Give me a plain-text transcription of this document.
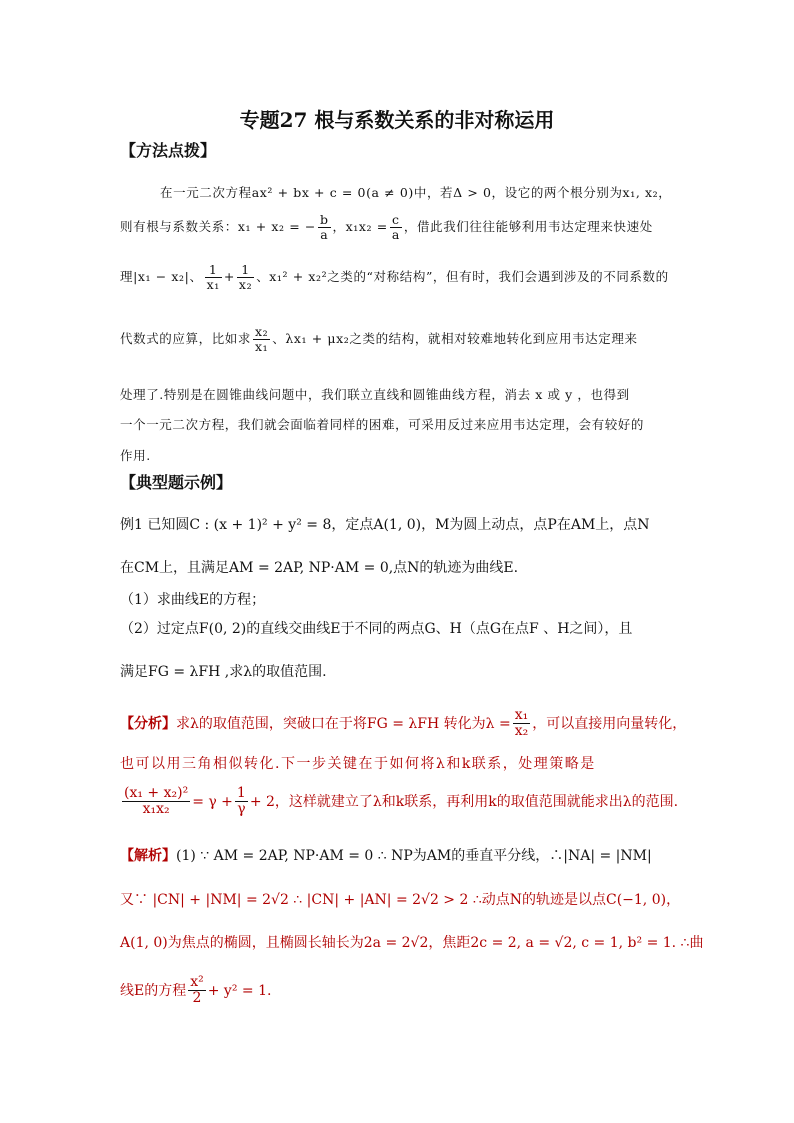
专题27 根与系数关系的非对称运用
【方法点拨】
在一元二次方程ax² + bx + c = 0(a ≠ 0)中，若Δ > 0，设它的两个根分别为x₁, x₂，
则有根与系数关系：x₁ + x₂ = − $\frac{b}{a}$ ，$x_1x_2 = \frac{c}{a}$ ，借此我们往往能够利用韦达定理来快速处
理|x₁ − x₂|、 $\frac{1}{\text{x₁}} + \frac{1}{\text{x₂}}$ 、x₁² + x₂²之类的“对称结构”，但有时，我们会遇到涉及的不同系数的
代数式的应算，比如求 $\frac{\text{x₂}}{\text{x₁}}$ 、λx₁ + μx₂之类的结构，就相对较难地转化到应用韦达定理来
处理了.特别是在圆锥曲线问题中，我们联立直线和圆锥曲线方程，消去 x 或 y ，也得到
一个一元二次方程，我们就会面临着同样的困难，可采用反过来应用韦达定理，会有较好的
作用.
【典型题示例】
例1 已知圆C : (x + 1)² + y² = 8，定点A(1, 0)，M为圆上动点，点P在AM上，点N
在CM上，且满足AM = 2AP, NP·AM = 0,点N的轨迹为曲线E.
（1）求曲线E的方程；
（2）过定点F(0, 2)的直线交曲线E于不同的两点G、H（点G在点F 、H之间），且
满足FG = λFH ,求λ的取值范围.
【分析】求λ的取值范围，突破口在于将FG = λFH 转化为$\lambda = \frac{\text{x₁}}{\text{x₂}}$ ，可以直接用向量转化，
也可以用三角相似转化.下一步关键在于如何将λ和k联系，处理策略是
$\frac{\text{(x₁ + x₂)²}}{\text{x₁x₂}} = \gamma + \frac{1}{\gamma} + 2$，这样就建立了λ和k联系，再利用k的取值范围就能求出λ的范围.
【解析】(1) ∵ AM = 2AP, NP·AM = 0 ∴ NP为AM的垂直平分线，∴|NA| = |NM|
又∵ |CN| + |NM| = 2√2 ∴ |CN| + |AN| = 2√2 > 2 ∴动点N的轨迹是以点C(−1, 0)，
A(1, 0)为焦点的椭圆，且椭圆长轴长为2a = 2√2，焦距2c = 2, a = √2, c = 1, b² = 1. ∴曲
线E的方程 $\frac{\text{x²}}{2} + y^2 = 1$.
